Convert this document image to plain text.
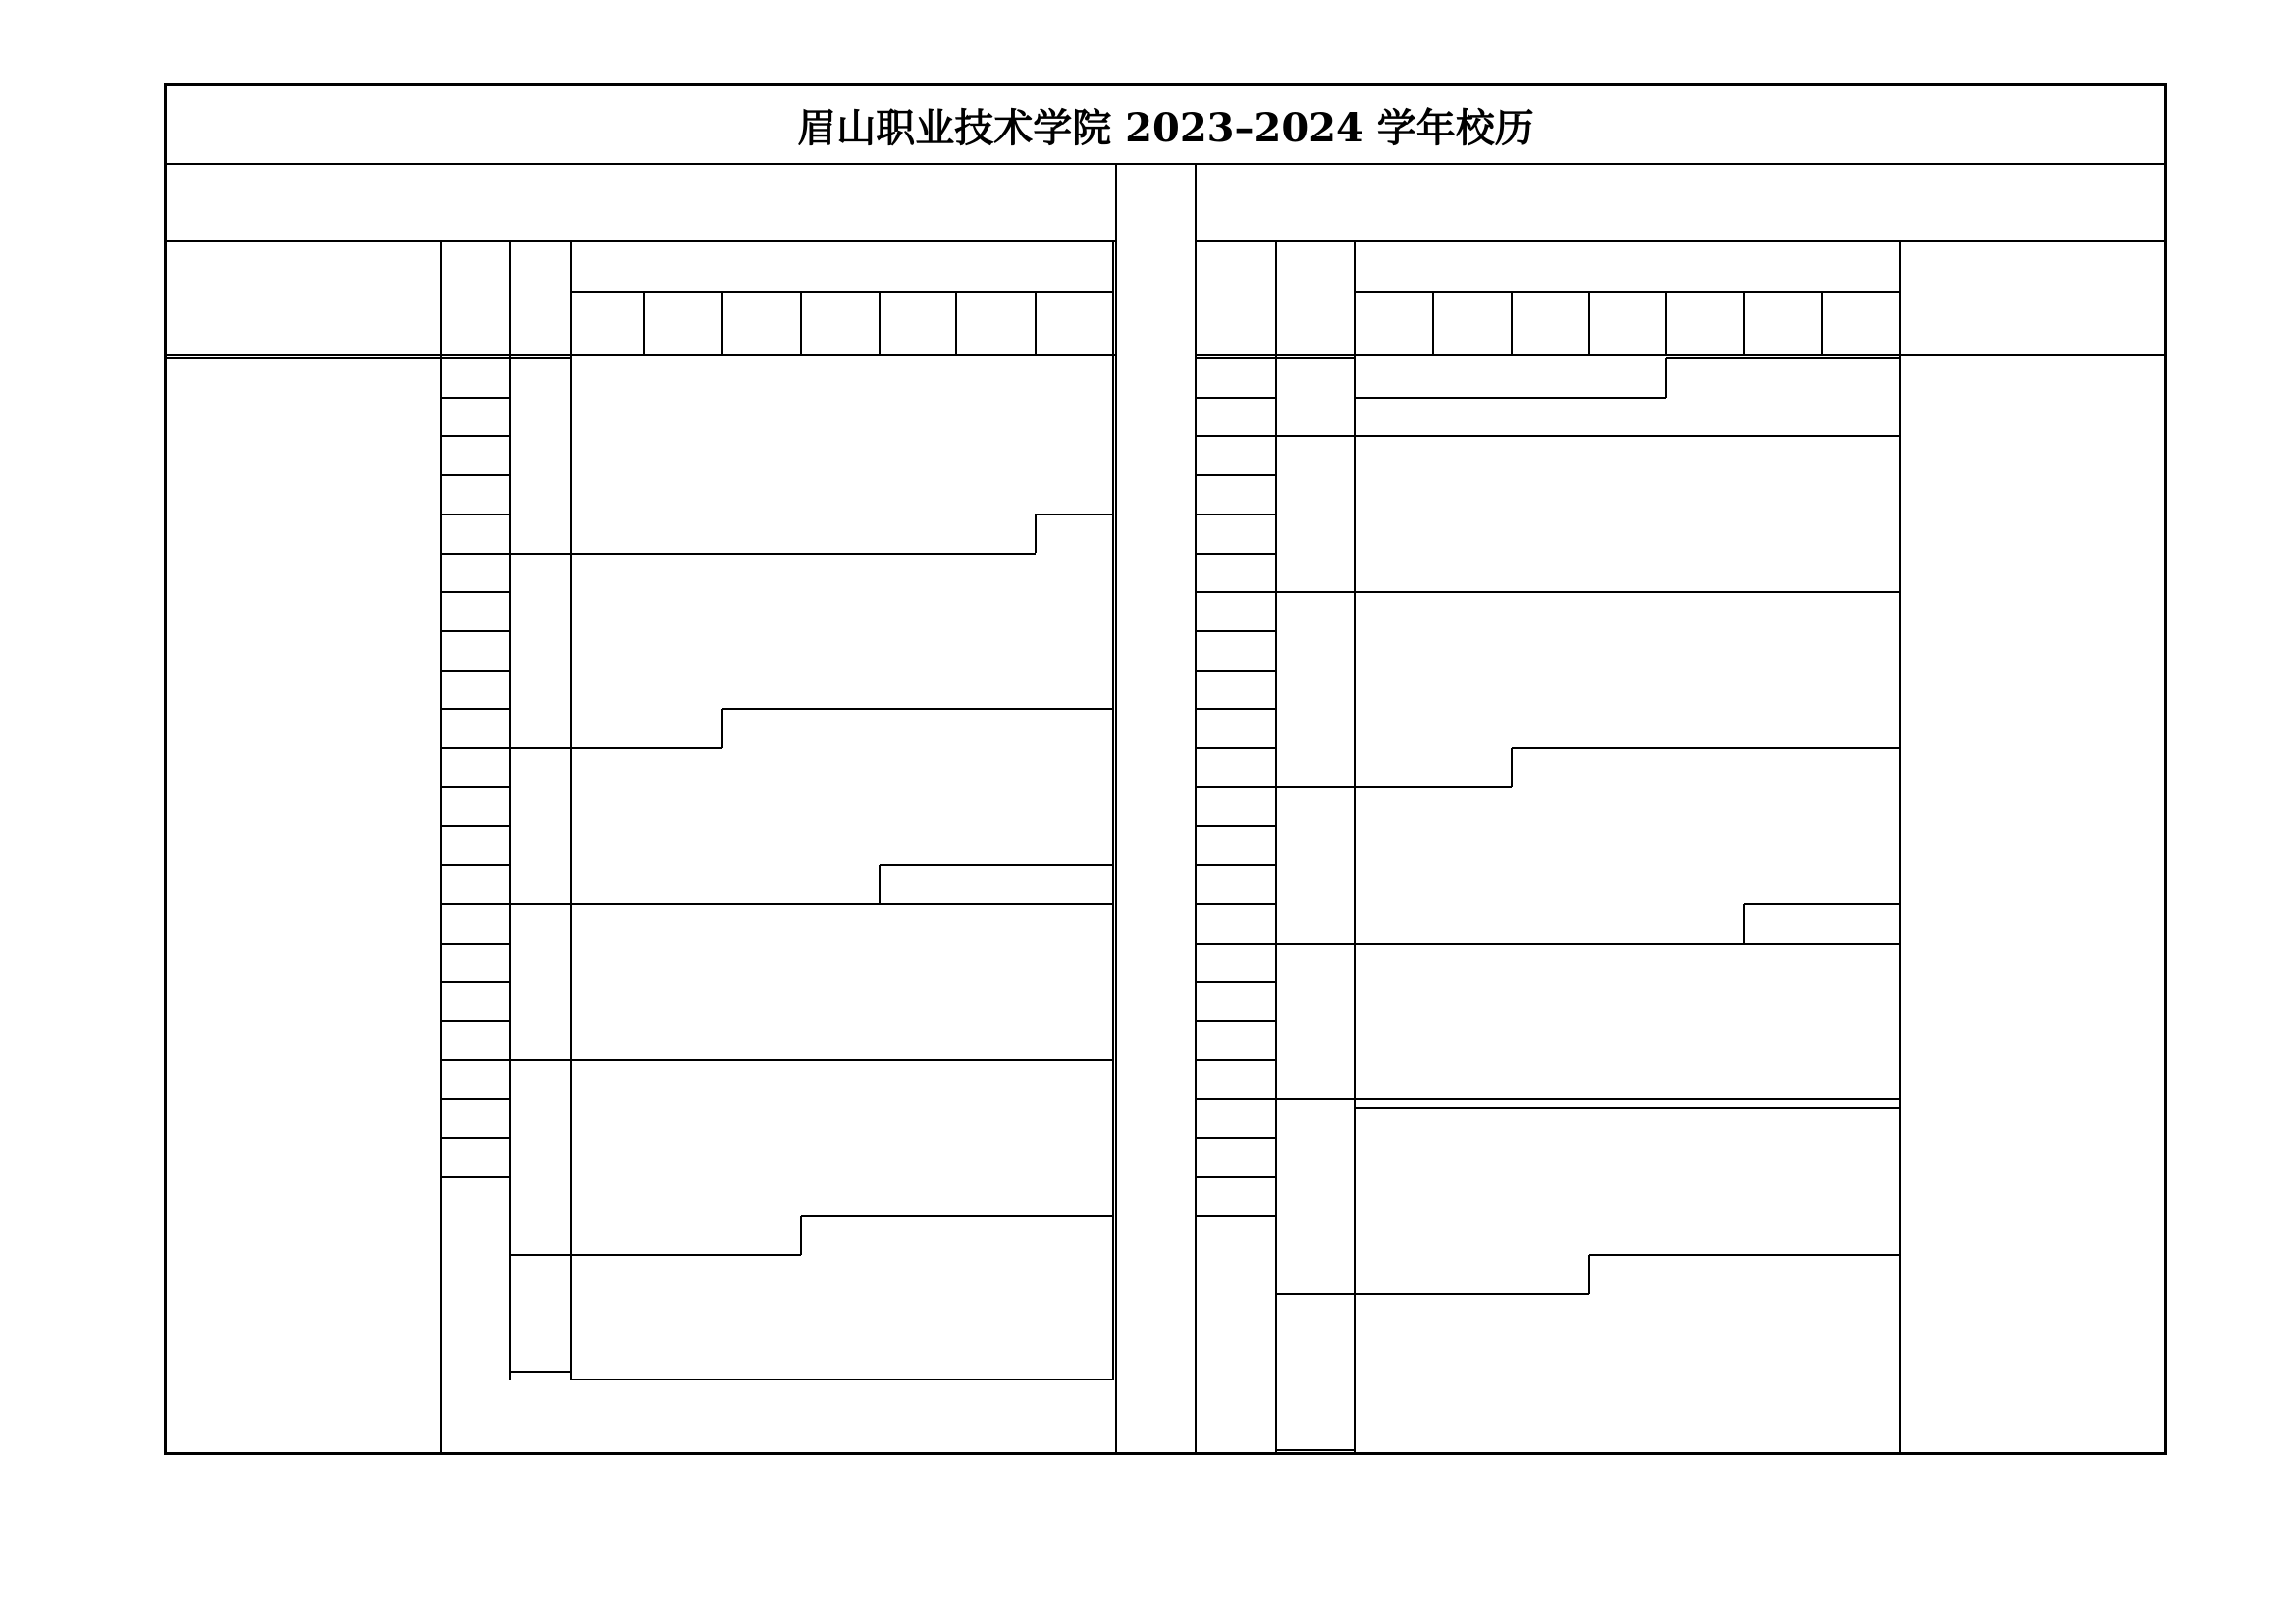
眉山职业技术学院 2023–2024 学年校历
